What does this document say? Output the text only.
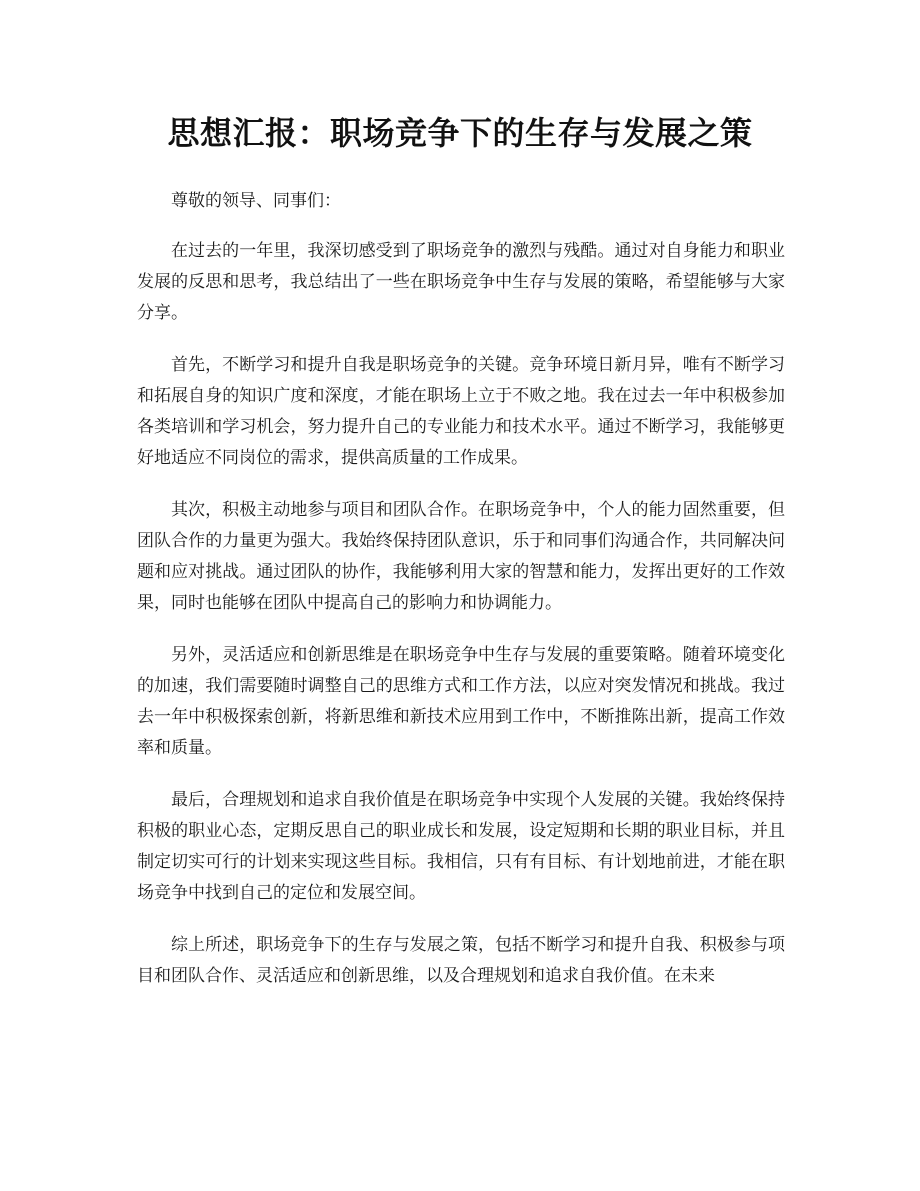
思想汇报：职场竞争下的生存与发展之策

尊敬的领导、同事们：

在过去的一年里，我深切感受到了职场竞争的激烈与残酷。通过对自身能力和职业发展的反思和思考，我总结出了一些在职场竞争中生存与发展的策略，希望能够与大家分享。

首先，不断学习和提升自我是职场竞争的关键。竞争环境日新月异，唯有不断学习和拓展自身的知识广度和深度，才能在职场上立于不败之地。我在过去一年中积极参加各类培训和学习机会，努力提升自己的专业能力和技术水平。通过不断学习，我能够更好地适应不同岗位的需求，提供高质量的工作成果。

其次，积极主动地参与项目和团队合作。在职场竞争中，个人的能力固然重要，但团队合作的力量更为强大。我始终保持团队意识，乐于和同事们沟通合作，共同解决问题和应对挑战。通过团队的协作，我能够利用大家的智慧和能力，发挥出更好的工作效果，同时也能够在团队中提高自己的影响力和协调能力。

另外，灵活适应和创新思维是在职场竞争中生存与发展的重要策略。随着环境变化的加速，我们需要随时调整自己的思维方式和工作方法，以应对突发情况和挑战。我过去一年中积极探索创新，将新思维和新技术应用到工作中，不断推陈出新，提高工作效率和质量。

最后，合理规划和追求自我价值是在职场竞争中实现个人发展的关键。我始终保持积极的职业心态，定期反思自己的职业成长和发展，设定短期和长期的职业目标，并且制定切实可行的计划来实现这些目标。我相信，只有有目标、有计划地前进，才能在职场竞争中找到自己的定位和发展空间。

综上所述，职场竞争下的生存与发展之策，包括不断学习和提升自我、积极参与项目和团队合作、灵活适应和创新思维，以及合理规划和追求自我价值。在未来
